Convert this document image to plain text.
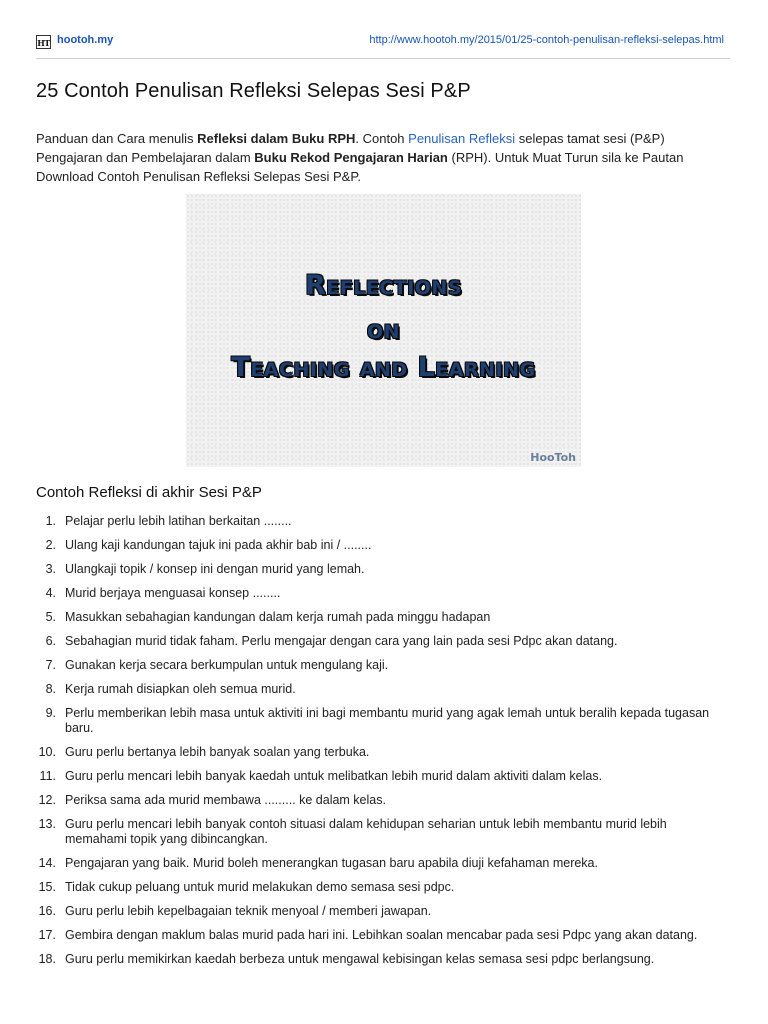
HT hootoh.my	http://www.hootoh.my/2015/01/25-contoh-penulisan-refleksi-selepas.html
25 Contoh Penulisan Refleksi Selepas Sesi P&P

Panduan dan Cara menulis Refleksi dalam Buku RPH. Contoh Penulisan Refleksi selepas tamat sesi (P&P) Pengajaran dan Pembelajaran dalam Buku Rekod Pengajaran Harian (RPH). Untuk Muat Turun sila ke Pautan Download Contoh Penulisan Refleksi Selepas Sesi P&P.

Reflections
on
Teaching and Learning
HooToh
Contoh Refleksi di akhir Sesi P&P
1. Pelajar perlu lebih latihan berkaitan ........
2. Ulang kaji kandungan tajuk ini pada akhir bab ini / ........
3. Ulangkaji topik / konsep ini dengan murid yang lemah.
4. Murid berjaya menguasai konsep ........
5. Masukkan sebahagian kandungan dalam kerja rumah pada minggu hadapan
6. Sebahagian murid tidak faham. Perlu mengajar dengan cara yang lain pada sesi Pdpc akan datang.
7. Gunakan kerja secara berkumpulan untuk mengulang kaji.
8. Kerja rumah disiapkan oleh semua murid.
9. Perlu memberikan lebih masa untuk aktiviti ini bagi membantu murid yang agak lemah untuk beralih kepada tugasan baru.
10. Guru perlu bertanya lebih banyak soalan yang terbuka.
11. Guru perlu mencari lebih banyak kaedah untuk melibatkan lebih murid dalam aktiviti dalam kelas.
12. Periksa sama ada murid membawa ......... ke dalam kelas.
13. Guru perlu mencari lebih banyak contoh situasi dalam kehidupan seharian untuk lebih membantu murid lebih memahami topik yang dibincangkan.
14. Pengajaran yang baik. Murid boleh menerangkan tugasan baru apabila diuji kefahaman mereka.
15. Tidak cukup peluang untuk murid melakukan demo semasa sesi pdpc.
16. Guru perlu lebih kepelbagaian teknik menyoal / memberi jawapan.
17. Gembira dengan maklum balas murid pada hari ini. Lebihkan soalan mencabar pada sesi Pdpc yang akan datang.
18. Guru perlu memikirkan kaedah berbeza untuk mengawal kebisingan kelas semasa sesi pdpc berlangsung.
